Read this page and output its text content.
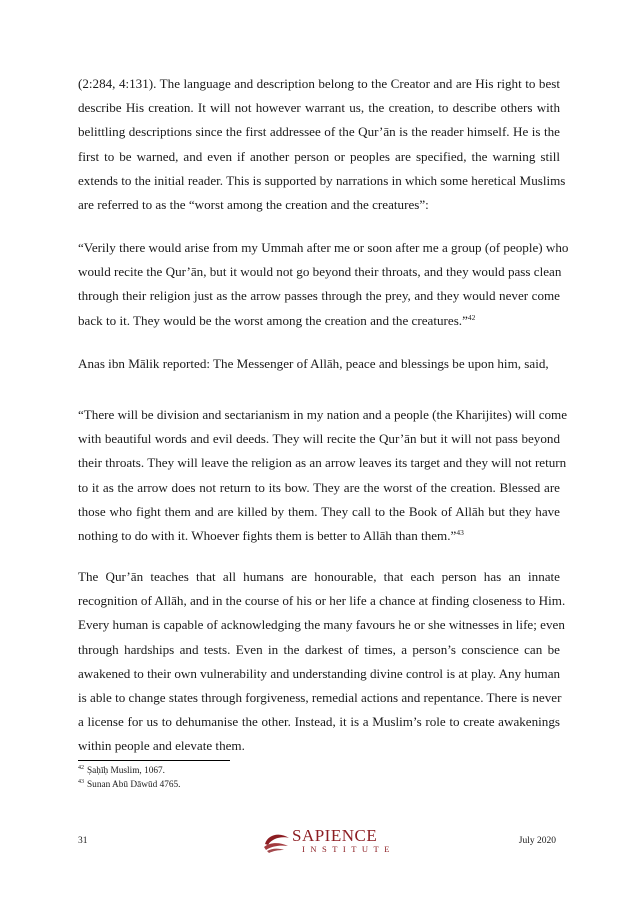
(2:284, 4:131). The language and description belong to the Creator and are His right to best
describe His creation. It will not however warrant us, the creation, to describe others with
belittling descriptions since the first addressee of the Qur’ān is the reader himself. He is the
first to be warned, and even if another person or peoples are specified, the warning still
extends to the initial reader. This is supported by narrations in which some heretical Muslims
are referred to as the “worst among the creation and the creatures”:
“Verily there would arise from my Ummah after me or soon after me a group (of people) who
would recite the Qur’ān, but it would not go beyond their throats, and they would pass clean
through their religion just as the arrow passes through the prey, and they would never come
back to it. They would be the worst among the creation and the creatures.”$^{42}$
Anas ibn Mālik reported: The Messenger of Allāh, peace and blessings be upon him, said,
“There will be division and sectarianism in my nation and a people (the Kharijites) will come
with beautiful words and evil deeds. They will recite the Qur’ān but it will not pass beyond
their throats. They will leave the religion as an arrow leaves its target and they will not return
to it as the arrow does not return to its bow. They are the worst of the creation. Blessed are
those who fight them and are killed by them. They call to the Book of Allāh but they have
nothing to do with it. Whoever fights them is better to Allāh than them.”$^{43}$
The Qur’ān teaches that all humans are honourable, that each person has an innate
recognition of Allāh, and in the course of his or her life a chance at finding closeness to Him.
Every human is capable of acknowledging the many favours he or she witnesses in life; even
through hardships and tests. Even in the darkest of times, a person’s conscience can be
awakened to their own vulnerability and understanding divine control is at play. Any human
is able to change states through forgiveness, remedial actions and repentance. There is never
a license for us to dehumanise the other. Instead, it is a Muslim’s role to create awakenings
within people and elevate them.

$^{42}$ Ṣaḥīḥ Muslim, 1067.

$^{43}$ Sunan Abū Dāwūd 4765.

31	SAPIENCE
INSTITUTE
July 2020
